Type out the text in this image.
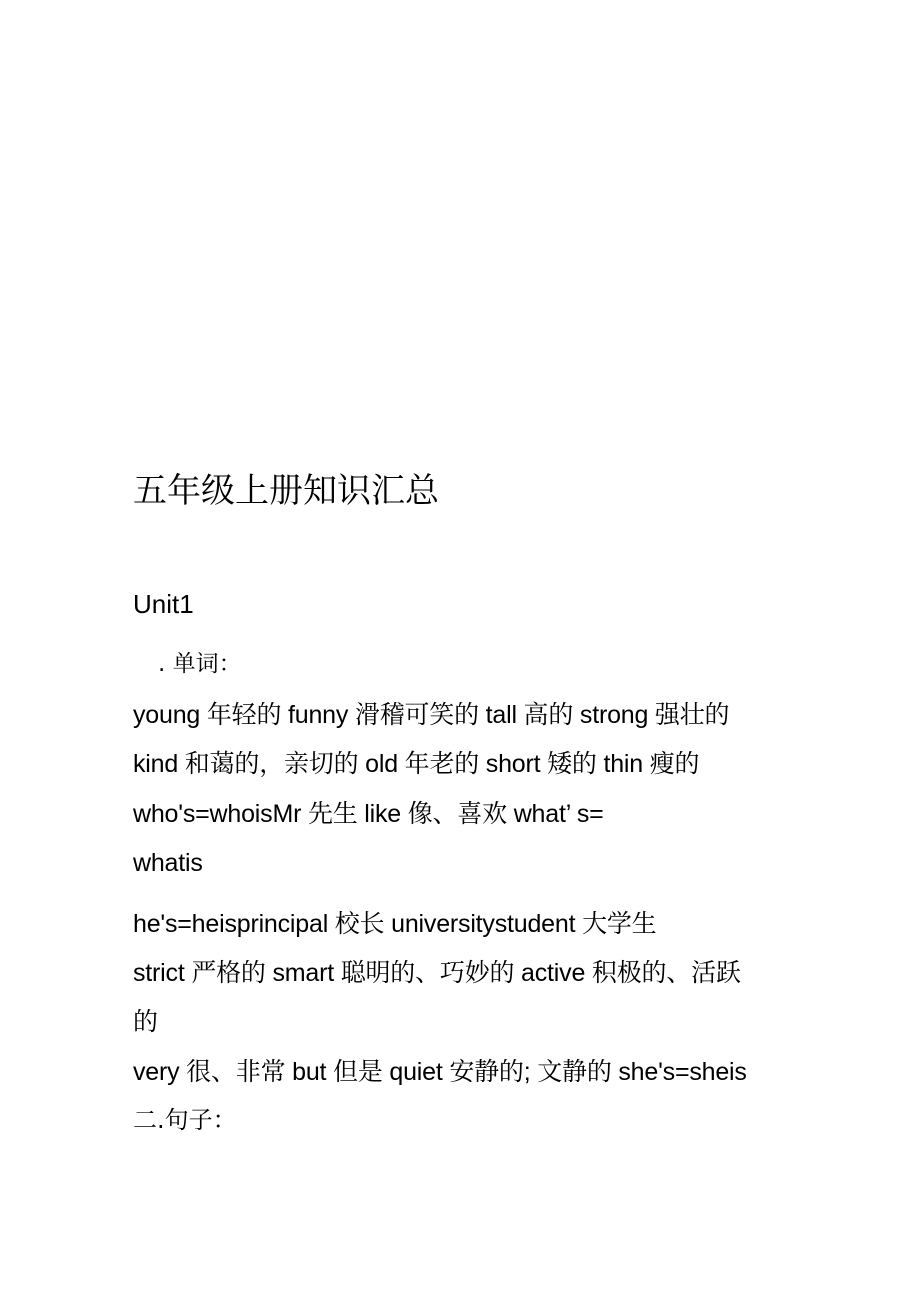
五年级上册知识汇总
Unit1
. 单词：
young 年轻的 funny 滑稽可笑的 tall 高的 strong 强壮的
kind 和蔼的，亲切的 old 年老的 short 矮的 thin 瘦的
who's=whoisMr 先生 like 像、喜欢 what’ s=
whatis
he's=heisprincipal 校长 universitystudent 大学生
strict 严格的 smart 聪明的、巧妙的 active 积极的、活跃
的
very 很、非常 but 但是 quiet 安静的; 文静的 she's=sheis
二.句子：
